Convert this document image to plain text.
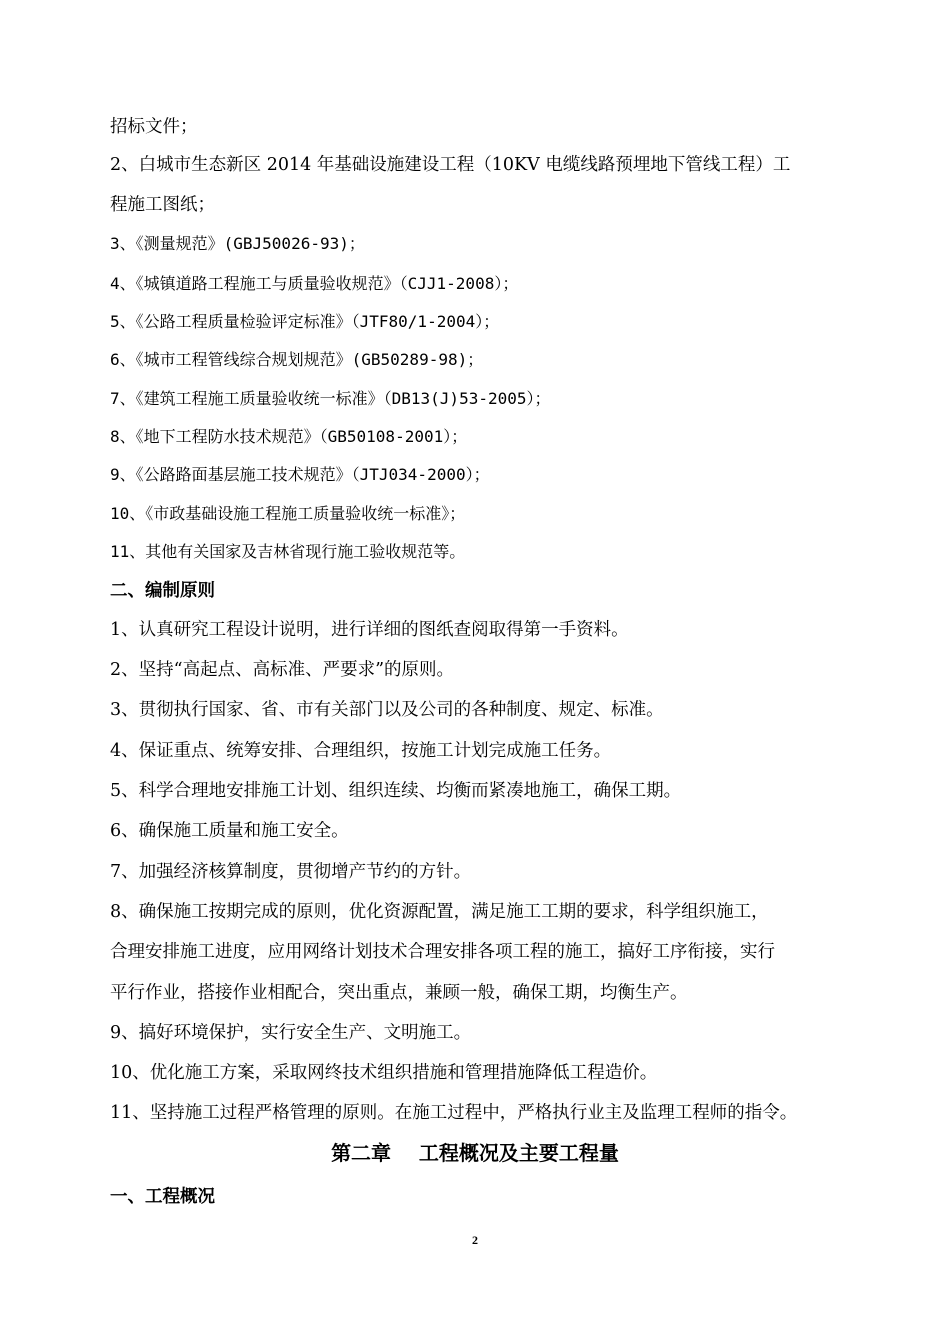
招标文件；
2、白城市生态新区 2014 年基础设施建设工程（10KV 电缆线路预埋地下管线工程）工
程施工图纸；
3、《测量规范》(GBJ50026-93)；
4、《城镇道路工程施工与质量验收规范》（CJJ1-2008）；
5、《公路工程质量检验评定标准》（JTF80/1-2004）；
6、《城市工程管线综合规划规范》(GB50289-98)；
7、《建筑工程施工质量验收统一标准》（DB13(J)53-2005）；
8、《地下工程防水技术规范》（GB50108-2001）；
9、《公路路面基层施工技术规范》（JTJ034-2000）；
10、《市政基础设施工程施工质量验收统一标准》；
11、其他有关国家及吉林省现行施工验收规范等。
二、编制原则
1、认真研究工程设计说明，进行详细的图纸查阅取得第一手资料。
2、坚持“高起点、高标准、严要求”的原则。
3、贯彻执行国家、省、市有关部门以及公司的各种制度、规定、标准。
4、保证重点、统筹安排、合理组织，按施工计划完成施工任务。
5、科学合理地安排施工计划、组织连续、均衡而紧凑地施工，确保工期。
6、确保施工质量和施工安全。
7、加强经济核算制度，贯彻增产节约的方针。
8、确保施工按期完成的原则，优化资源配置，满足施工工期的要求，科学组织施工，
合理安排施工进度，应用网络计划技术合理安排各项工程的施工，搞好工序衔接，实行
平行作业，搭接作业相配合，突出重点，兼顾一般，确保工期，均衡生产。
9、搞好环境保护，实行安全生产、文明施工。
10、优化施工方案，采取网终技术组织措施和管理措施降低工程造价。
11、坚持施工过程严格管理的原则。在施工过程中，严格执行业主及监理工程师的指令。
第二章    工程概况及主要工程量
一、工程概况
2
